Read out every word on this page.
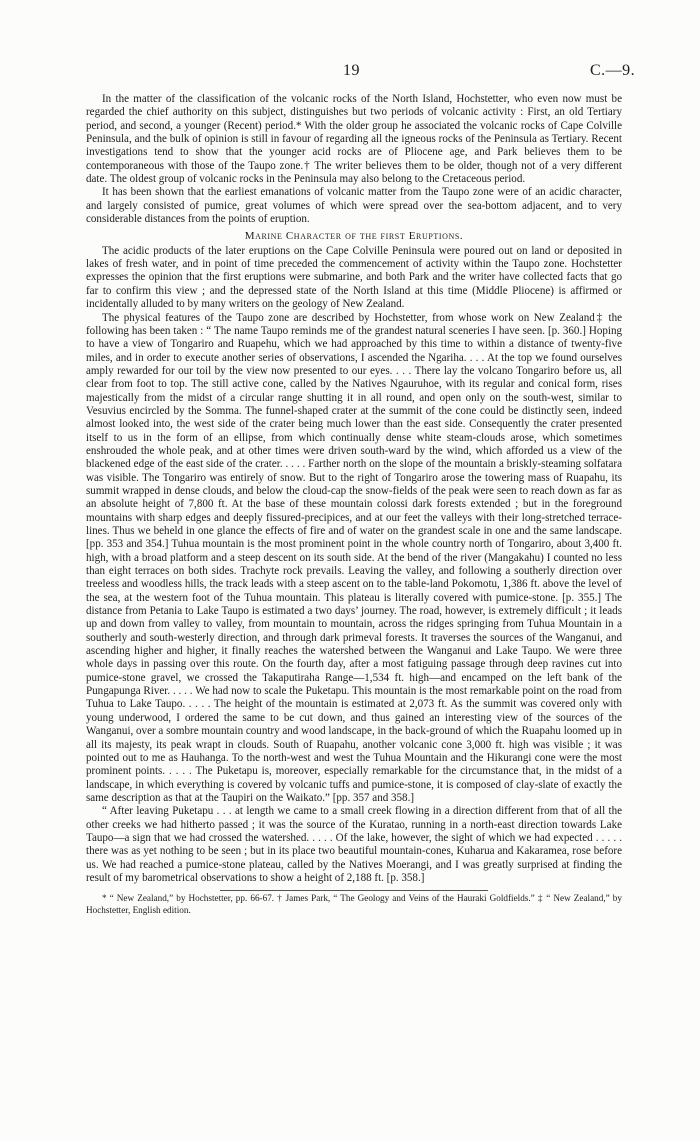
19	C.—9.

In the matter of the classification of the volcanic rocks of the North Island, Hochstetter, who even now must be regarded the chief authority on this subject, distinguishes but two periods of volcanic activity : First, an old Tertiary period, and second, a younger (Recent) period.* With the older group he associated the volcanic rocks of Cape Colville Peninsula, and the bulk of opinion is still in favour of regarding all the igneous rocks of the Peninsula as Tertiary. Recent investigations tend to show that the younger acid rocks are of Pliocene age, and Park believes them to be contemporaneous with those of the Taupo zone.† The writer believes them to be older, though not of a very different date. The oldest group of volcanic rocks in the Peninsula may also belong to the Cretaceous period.

It has been shown that the earliest emanations of volcanic matter from the Taupo zone were of an acidic character, and largely consisted of pumice, great volumes of which were spread over the sea-bottom adjacent, and to very considerable distances from the points of eruption.

Marine Character of the first Eruptions.

The acidic products of the later eruptions on the Cape Colville Peninsula were poured out on land or deposited in lakes of fresh water, and in point of time preceded the commencement of activity within the Taupo zone. Hochstetter expresses the opinion that the first eruptions were submarine, and both Park and the writer have collected facts that go far to confirm this view ; and the depressed state of the North Island at this time (Middle Pliocene) is affirmed or incidentally alluded to by many writers on the geology of New Zealand.

The physical features of the Taupo zone are described by Hochstetter, from whose work on New Zealand‡ the following has been taken : “ The name Taupo reminds me of the grandest natural sceneries I have seen. [p. 360.] Hoping to have a view of Tongariro and Ruapehu, which we had approached by this time to within a distance of twenty-five miles, and in order to execute another series of observations, I ascended the Ngariha. . . . At the top we found ourselves amply rewarded for our toil by the view now presented to our eyes. . . . There lay the volcano Tongariro before us, all clear from foot to top. The still active cone, called by the Natives Ngauruhoe, with its regular and conical form, rises majestically from the midst of a circular range shutting it in all round, and open only on the south-west, similar to Vesuvius encircled by the Somma. The funnel-shaped crater at the summit of the cone could be distinctly seen, indeed almost looked into, the west side of the crater being much lower than the east side. Consequently the crater presented itself to us in the form of an ellipse, from which continually dense white steam-clouds arose, which sometimes enshrouded the whole peak, and at other times were driven south-ward by the wind, which afforded us a view of the blackened edge of the east side of the crater. . . . . Farther north on the slope of the mountain a briskly-steaming solfatara was visible. The Tongariro was entirely of snow. But to the right of Tongariro arose the towering mass of Ruapahu, its summit wrapped in dense clouds, and below the cloud-cap the snow-fields of the peak were seen to reach down as far as an absolute height of 7,800 ft. At the base of these mountain colossi dark forests extended ; but in the foreground mountains with sharp edges and deeply fissured-precipices, and at our feet the valleys with their long-stretched terrace-lines. Thus we beheld in one glance the effects of fire and of water on the grandest scale in one and the same landscape. [pp. 353 and 354.] Tuhua mountain is the most prominent point in the whole country north of Tongariro, about 3,400 ft. high, with a broad platform and a steep descent on its south side. At the bend of the river (Mangakahu) I counted no less than eight terraces on both sides. Trachyte rock prevails. Leaving the valley, and following a southerly direction over treeless and woodless hills, the track leads with a steep ascent on to the table-land Pokomotu, 1,386 ft. above the level of the sea, at the western foot of the Tuhua mountain. This plateau is literally covered with pumice-stone. [p. 355.] The distance from Petania to Lake Taupo is estimated a two days’ journey. The road, however, is extremely difficult ; it leads up and down from valley to valley, from mountain to mountain, across the ridges springing from Tuhua Mountain in a southerly and south-westerly direction, and through dark primeval forests. It traverses the sources of the Wanganui, and ascending higher and higher, it finally reaches the watershed between the Wanganui and Lake Taupo. We were three whole days in passing over this route. On the fourth day, after a most fatiguing passage through deep ravines cut into pumice-stone gravel, we crossed the Takaputiraha Range—1,534 ft. high—and encamped on the left bank of the Pungapunga River. . . . . We had now to scale the Puketapu. This mountain is the most remarkable point on the road from Tuhua to Lake Taupo. . . . . The height of the mountain is estimated at 2,073 ft. As the summit was covered only with young underwood, I ordered the same to be cut down, and thus gained an interesting view of the sources of the Wanganui, over a sombre mountain country and wood landscape, in the back-ground of which the Ruapahu loomed up in all its majesty, its peak wrapt in clouds. South of Ruapahu, another volcanic cone 3,000 ft. high was visible ; it was pointed out to me as Hauhanga. To the north-west and west the Tuhua Mountain and the Hikurangi cone were the most prominent points. . . . . The Puketapu is, moreover, especially remarkable for the circumstance that, in the midst of a landscape, in which everything is covered by volcanic tuffs and pumice-stone, it is composed of clay-slate of exactly the same description as that at the Taupiri on the Waikato.” [pp. 357 and 358.]

“ After leaving Puketapu . . . at length we came to a small creek flowing in a direction different from that of all the other creeks we had hitherto passed ; it was the source of the Kuratao, running in a north-east direction towards Lake Taupo—a sign that we had crossed the watershed. . . . . Of the lake, however, the sight of which we had expected . . . . . there was as yet nothing to be seen ; but in its place two beautiful mountain-cones, Kuharua and Kakaramea, rose before us. We had reached a pumice-stone plateau, called by the Natives Moerangi, and I was greatly surprised at finding the result of my barometrical observations to show a height of 2,188 ft. [p. 358.]

* “ New Zealand,” by Hochstetter, pp. 66-67. † James Park, “ The Geology and Veins of the Hauraki Goldfields.” ‡ “ New Zealand,” by Hochstetter, English edition.
